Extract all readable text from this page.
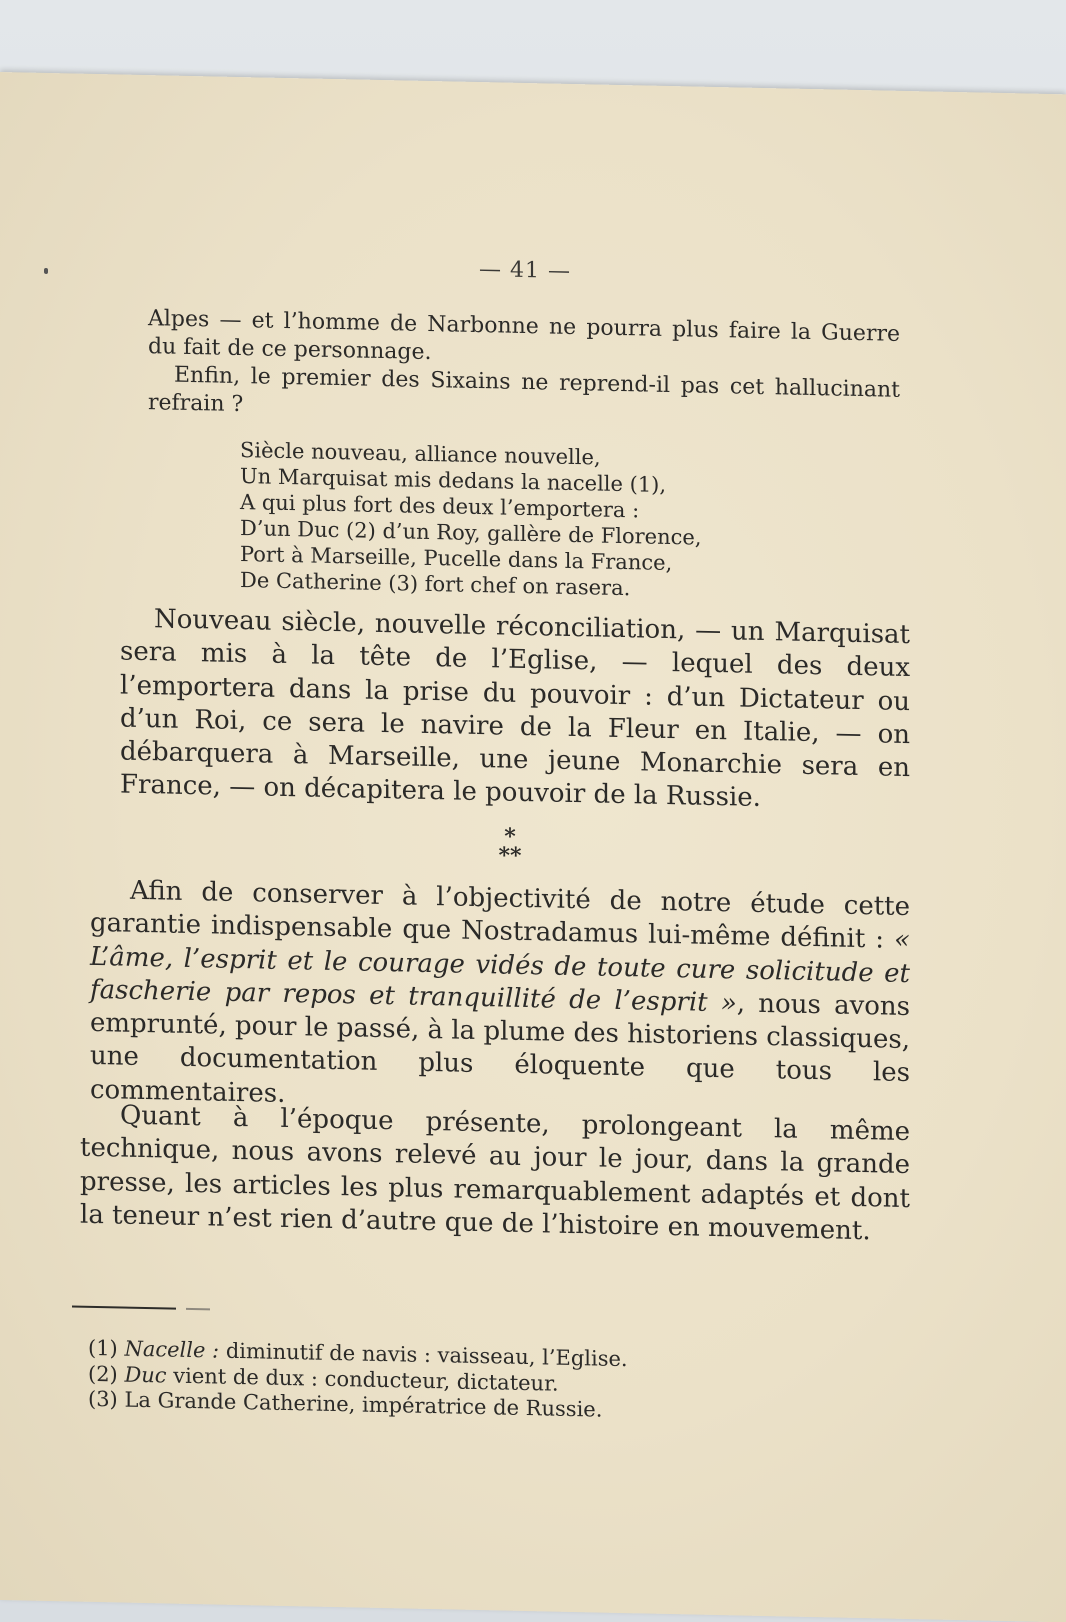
— 41 —

Alpes — et l’homme de Narbonne ne pourra plus faire la Guerre du fait de ce personnage.
Enfin, le premier des Sixains ne reprend-il pas cet hallucinant refrain ?

Siècle nouveau, alliance nouvelle,
Un Marquisat mis dedans la nacelle (1),
A qui plus fort des deux l’emportera :
D’un Duc (2) d’un Roy, gallère de Florence,
Port à Marseille, Pucelle dans la France,
De Catherine (3) fort chef on rasera.

Nouveau siècle, nouvelle réconciliation, — un Marquisat sera mis à la tête de l’Eglise, — lequel des deux l’emportera dans la prise du pouvoir : d’un Dictateur ou d’un Roi, ce sera le navire de la Fleur en Italie, — on débarquera à Marseille, une jeune Monarchie sera en France, — on décapitera le pouvoir de la Russie.

*
**

Afin de conserver à l’objectivité de notre étude cette garantie indispensable que Nostradamus lui-même définit : « L’âme, l’esprit et le courage vidés de toute cure solicitude et fascherie par repos et tranquillité de l’esprit », nous avons emprunté, pour le passé, à la plume des historiens classiques, une documentation plus éloquente que tous les commentaires.

Quant à l’époque présente, prolongeant la même technique, nous avons relevé au jour le jour, dans la grande presse, les articles les plus remarquablement adaptés et dont la teneur n’est rien d’autre que de l’histoire en mouvement.

(1) Nacelle : diminutif de navis : vaisseau, l’Eglise.
(2) Duc vient de dux : conducteur, dictateur.
(3) La Grande Catherine, impératrice de Russie.
